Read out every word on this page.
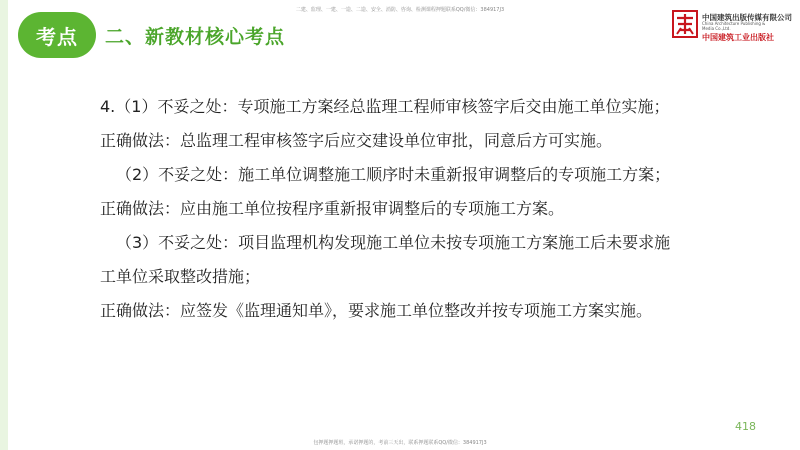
二建、监理、一建、一造、二造、安全、消防、咨询、检测课程押题联系QQ/微信：384917J3
考点 二、新教材核心考点
中国建筑出版传媒有限公司
China Architecture Publishing &
Media Co.,Ltd.
中国建筑工业出版社

4.（1）不妥之处：专项施工方案经总监理工程师审核签字后交由施工单位实施；

正确做法：总监理工程审核签字后应交建设单位审批，同意后方可实施。

（2）不妥之处：施工单位调整施工顺序时未重新报审调整后的专项施工方案；

正确做法：应由施工单位按程序重新报审调整后的专项施工方案。

（3）不妥之处：项目监理机构发现施工单位未按专项施工方案施工后未要求施

工单位采取整改措施；

正确做法：应签发《监理通知单》，要求施工单位整改并按专项施工方案实施。

418
包押题押题班，承诺押题的，考前三天出，联系押题联系QQ/微信：384917J3
